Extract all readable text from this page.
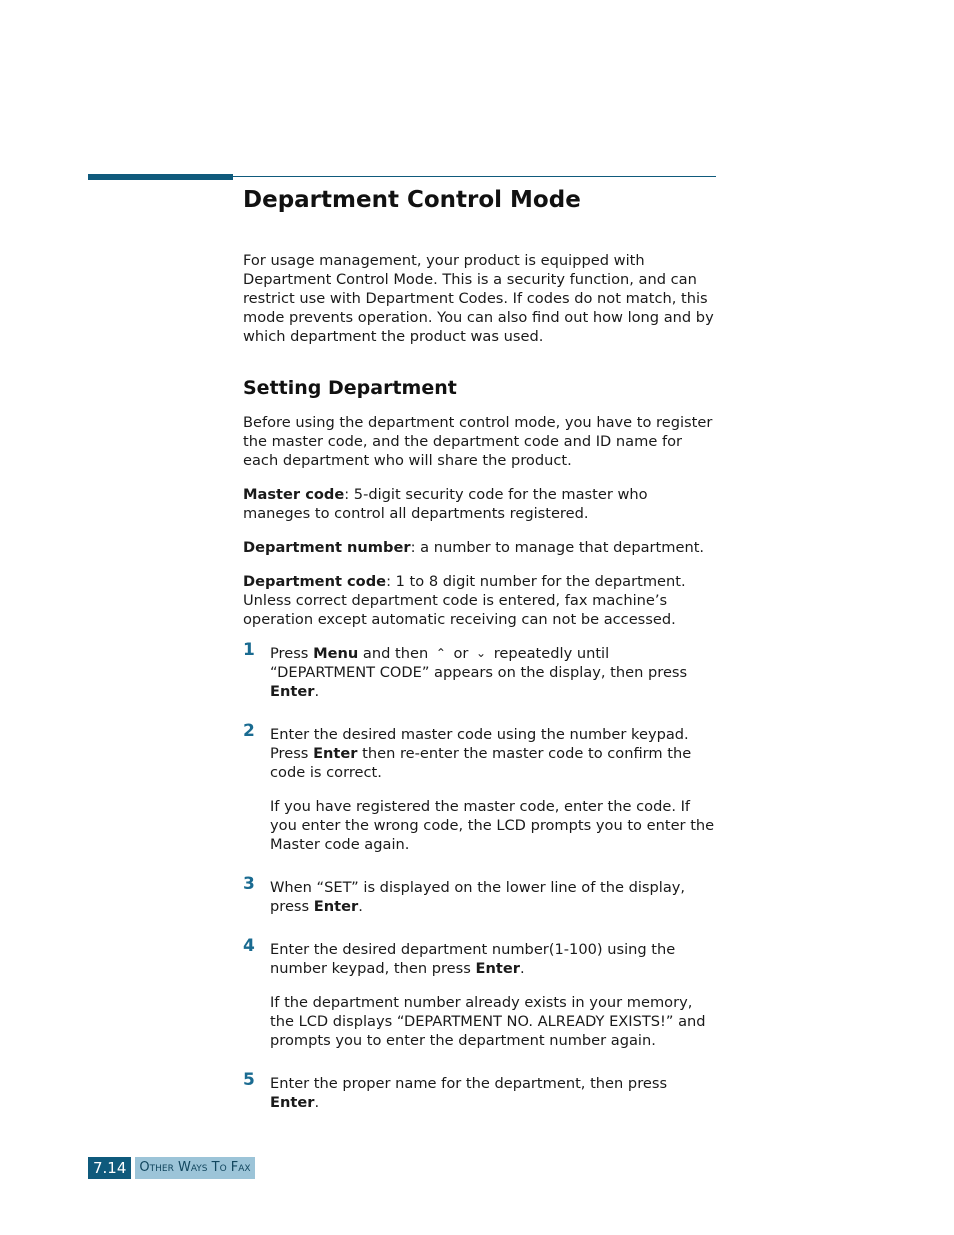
Department Control Mode

For usage management, your product is equipped with Department Control Mode. This is a security function, and can restrict use with Department Codes. If codes do not match, this mode prevents operation. You can also find out how long and by which department the product was used.

Setting Department

Before using the department control mode, you have to register the master code, and the department code and ID name for each department who will share the product.

Master code: 5-digit security code for the master who maneges to control all departments registered.

Department number: a number to manage that department.

Department code: 1 to 8 digit number for the department. Unless correct department code is entered, fax machine’s operation except automatic receiving can not be accessed.

1 Press Menu and then ⌃ or ⌄ repeatedly until “DEPARTMENT CODE” appears on the display, then press Enter.

2 Enter the desired master code using the number keypad. Press Enter then re-enter the master code to confirm the code is correct.

If you have registered the master code, enter the code. If you enter the wrong code, the LCD prompts you to enter the Master code again.

3 When “SET” is displayed on the lower line of the display, press Enter.

4 Enter the desired department number(1-100) using the number keypad, then press Enter.

If the department number already exists in your memory, the LCD displays “DEPARTMENT NO. ALREADY EXISTS!” and prompts you to enter the department number again.

5 Enter the proper name for the department, then press Enter.

7.14	Other Ways To Fax
